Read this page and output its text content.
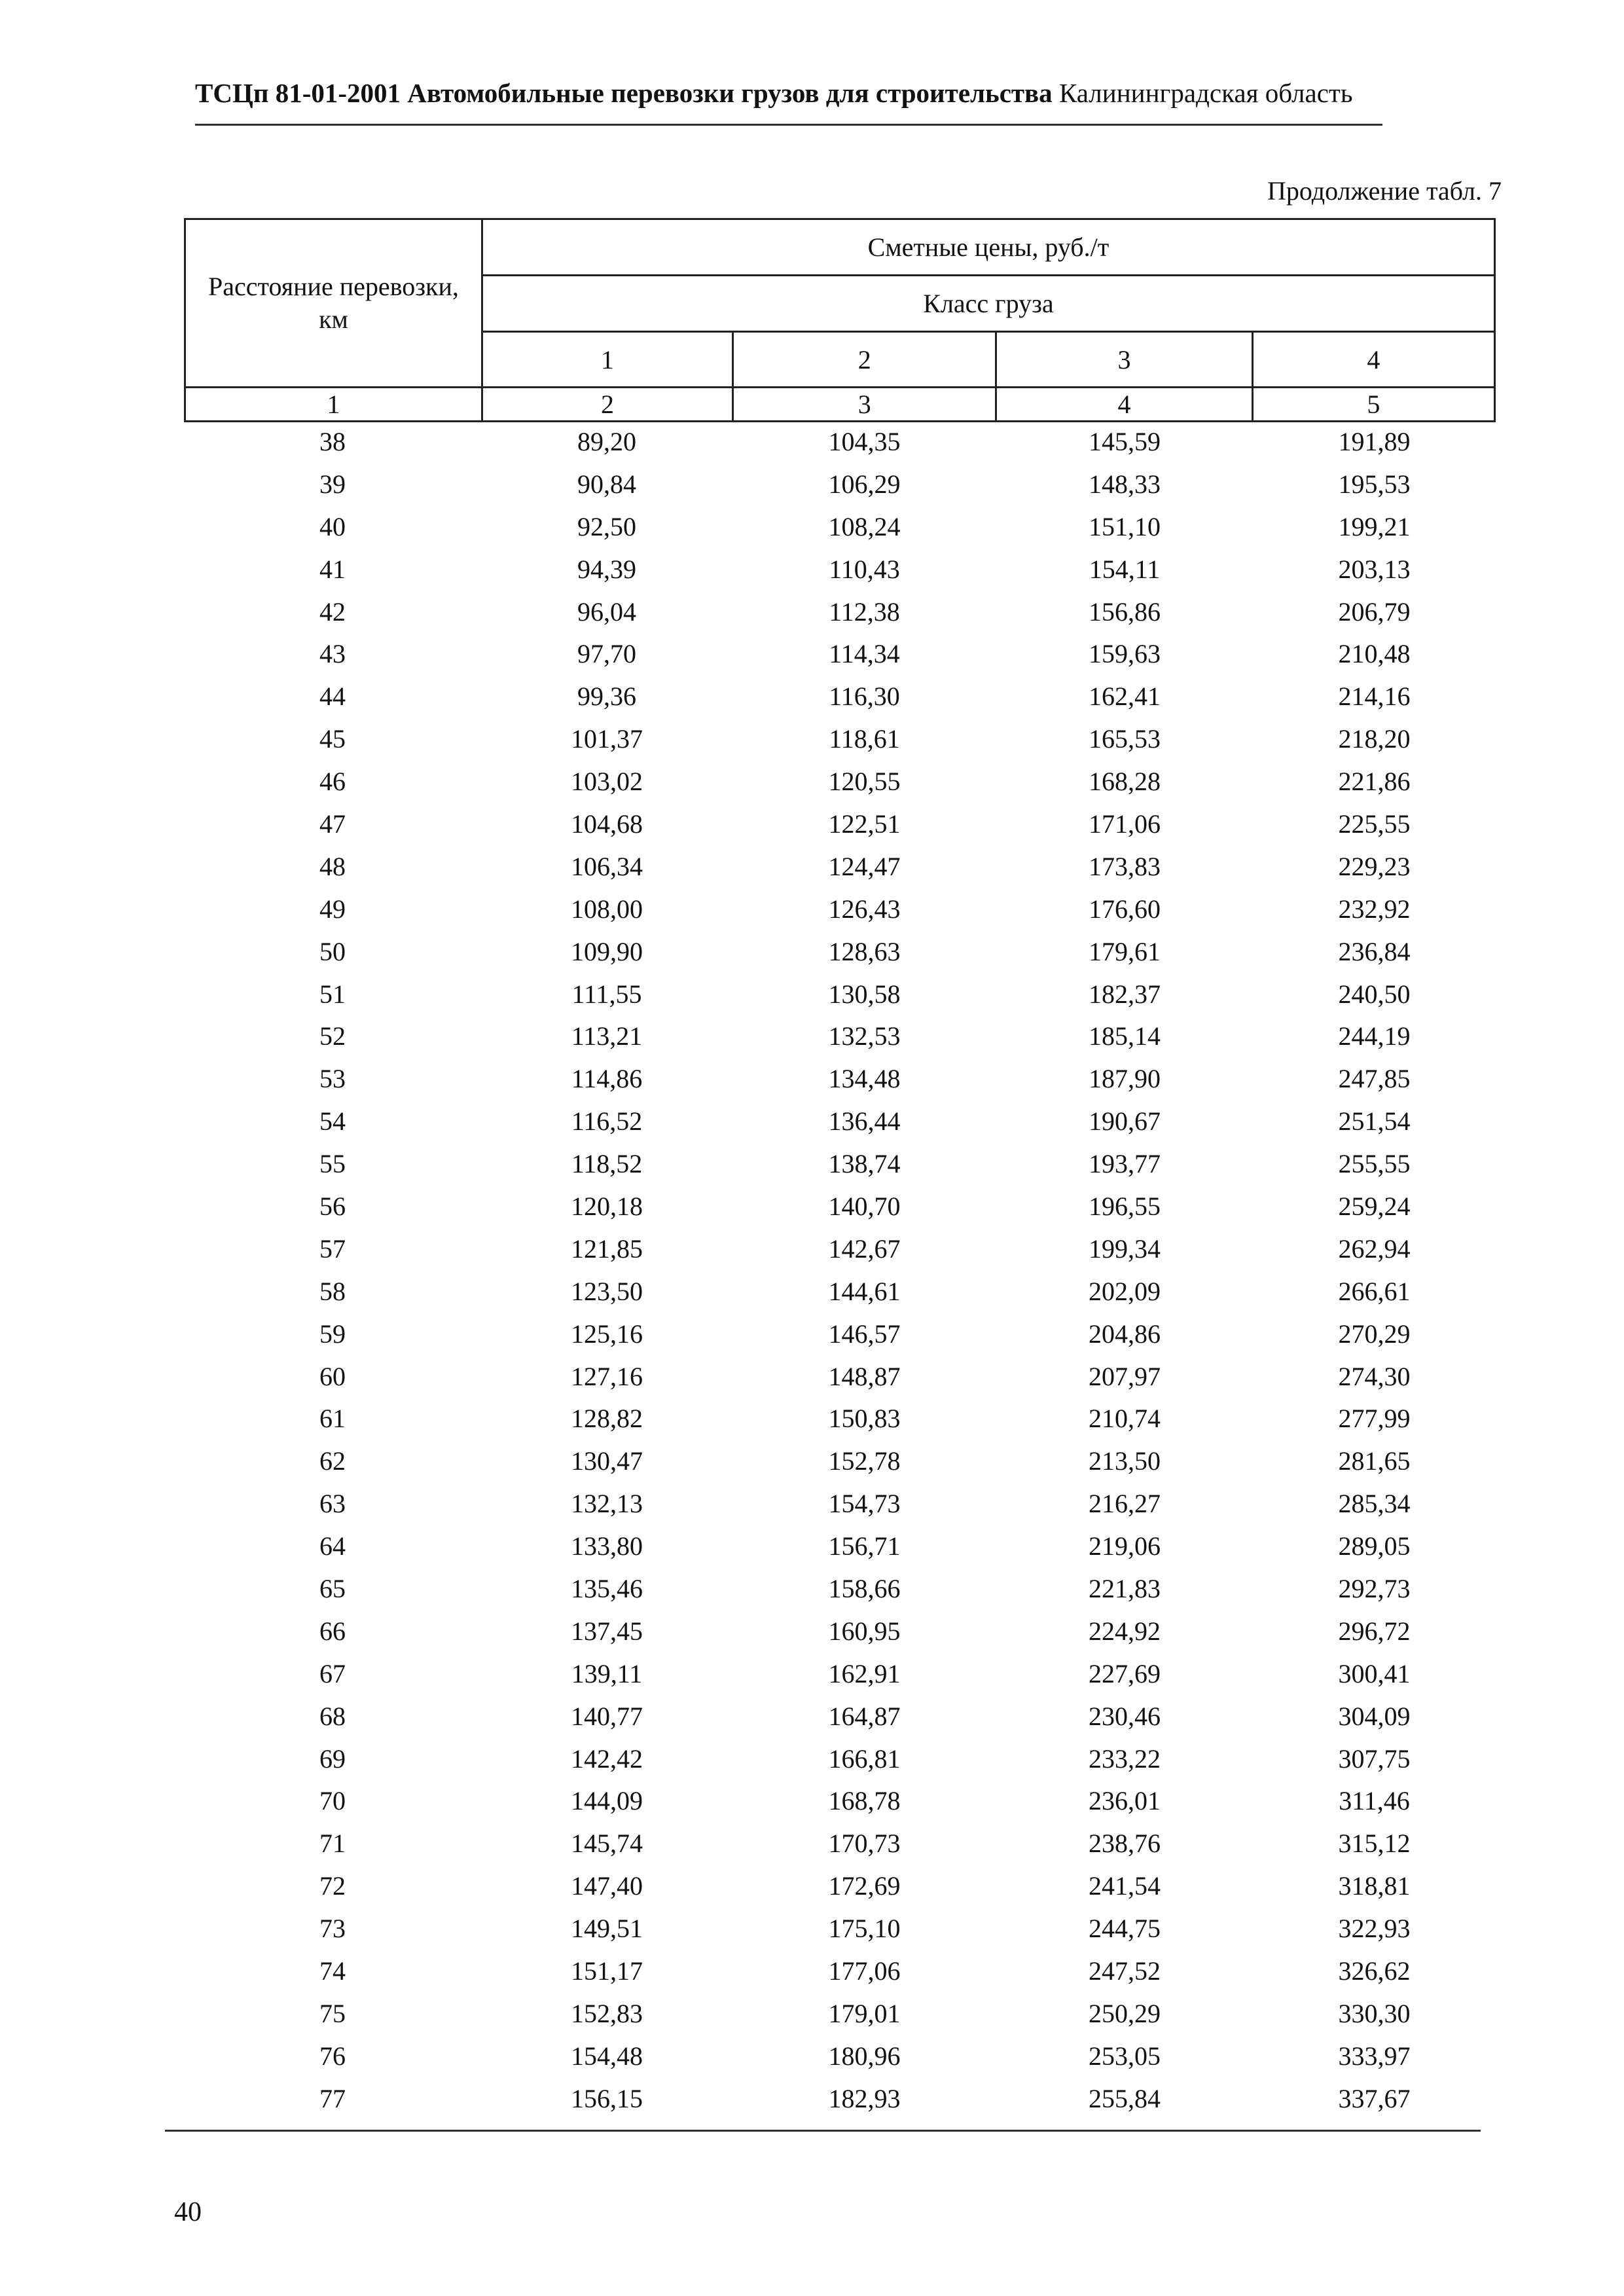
ТСЦп 81-01-2001 Автомобильные перевозки грузов для строительства Калининградская область
Продолжение табл. 7
Расстояние перевозки, км	Сметные цены, руб./т			
	Класс груза			
	1	2	3	4
1	2	3	4	5
38	89,20	104,35	145,59	191,89
39	90,84	106,29	148,33	195,53
40	92,50	108,24	151,10	199,21
41	94,39	110,43	154,11	203,13
42	96,04	112,38	156,86	206,79
43	97,70	114,34	159,63	210,48
44	99,36	116,30	162,41	214,16
45	101,37	118,61	165,53	218,20
46	103,02	120,55	168,28	221,86
47	104,68	122,51	171,06	225,55
48	106,34	124,47	173,83	229,23
49	108,00	126,43	176,60	232,92
50	109,90	128,63	179,61	236,84
51	111,55	130,58	182,37	240,50
52	113,21	132,53	185,14	244,19
53	114,86	134,48	187,90	247,85
54	116,52	136,44	190,67	251,54
55	118,52	138,74	193,77	255,55
56	120,18	140,70	196,55	259,24
57	121,85	142,67	199,34	262,94
58	123,50	144,61	202,09	266,61
59	125,16	146,57	204,86	270,29
60	127,16	148,87	207,97	274,30
61	128,82	150,83	210,74	277,99
62	130,47	152,78	213,50	281,65
63	132,13	154,73	216,27	285,34
64	133,80	156,71	219,06	289,05
65	135,46	158,66	221,83	292,73
66	137,45	160,95	224,92	296,72
67	139,11	162,91	227,69	300,41
68	140,77	164,87	230,46	304,09
69	142,42	166,81	233,22	307,75
70	144,09	168,78	236,01	311,46
71	145,74	170,73	238,76	315,12
72	147,40	172,69	241,54	318,81
73	149,51	175,10	244,75	322,93
74	151,17	177,06	247,52	326,62
75	152,83	179,01	250,29	330,30
76	154,48	180,96	253,05	333,97
77	156,15	182,93	255,84	337,67
40
